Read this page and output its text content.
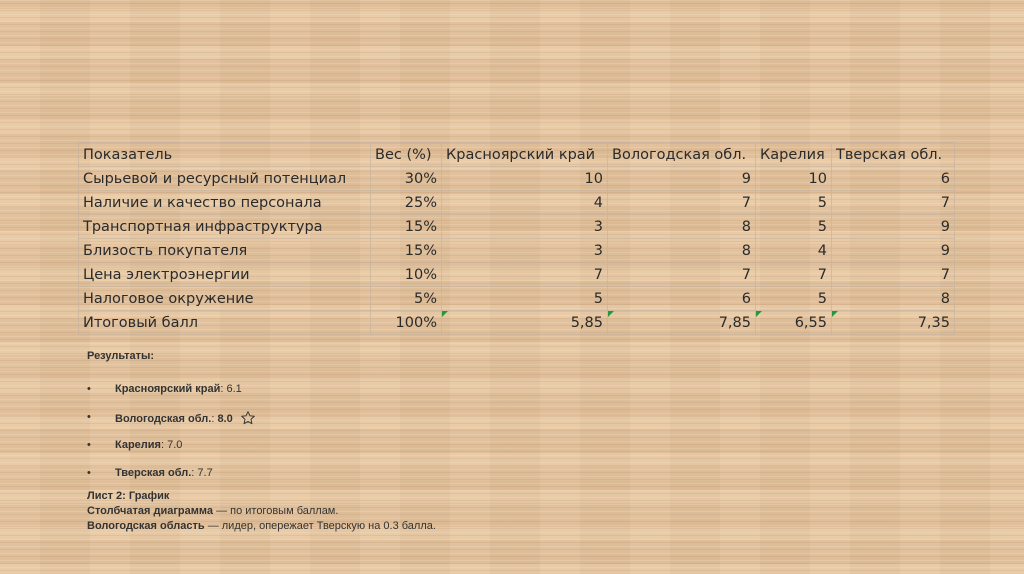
Показатель	Вес (%)	Красноярский край	Вологодская обл.	Карелия	Тверская обл.
Сырьевой и ресурсный потенциал	30%	10	9	10	6
Наличие и качество персонала	25%	4	7	5	7
Транспортная инфраструктура	15%	3	8	5	9
Близость покупателя	15%	3	8	4	9
Цена электроэнергии	10%	7	7	7	7
Налоговое окружение	5%	5	6	5	8
Итоговый балл	100%	5,85	7,85	6,55	7,35

Результаты:

• Красноярский край: 6.1
• Вологодская обл.: 8.0
• Карелия: 7.0
• Тверская обл.: 7.7
Лист 2: График
Столбчатая диаграмма — по итоговым баллам.
Вологодская область — лидер, опережает Тверскую на 0.3 балла.
